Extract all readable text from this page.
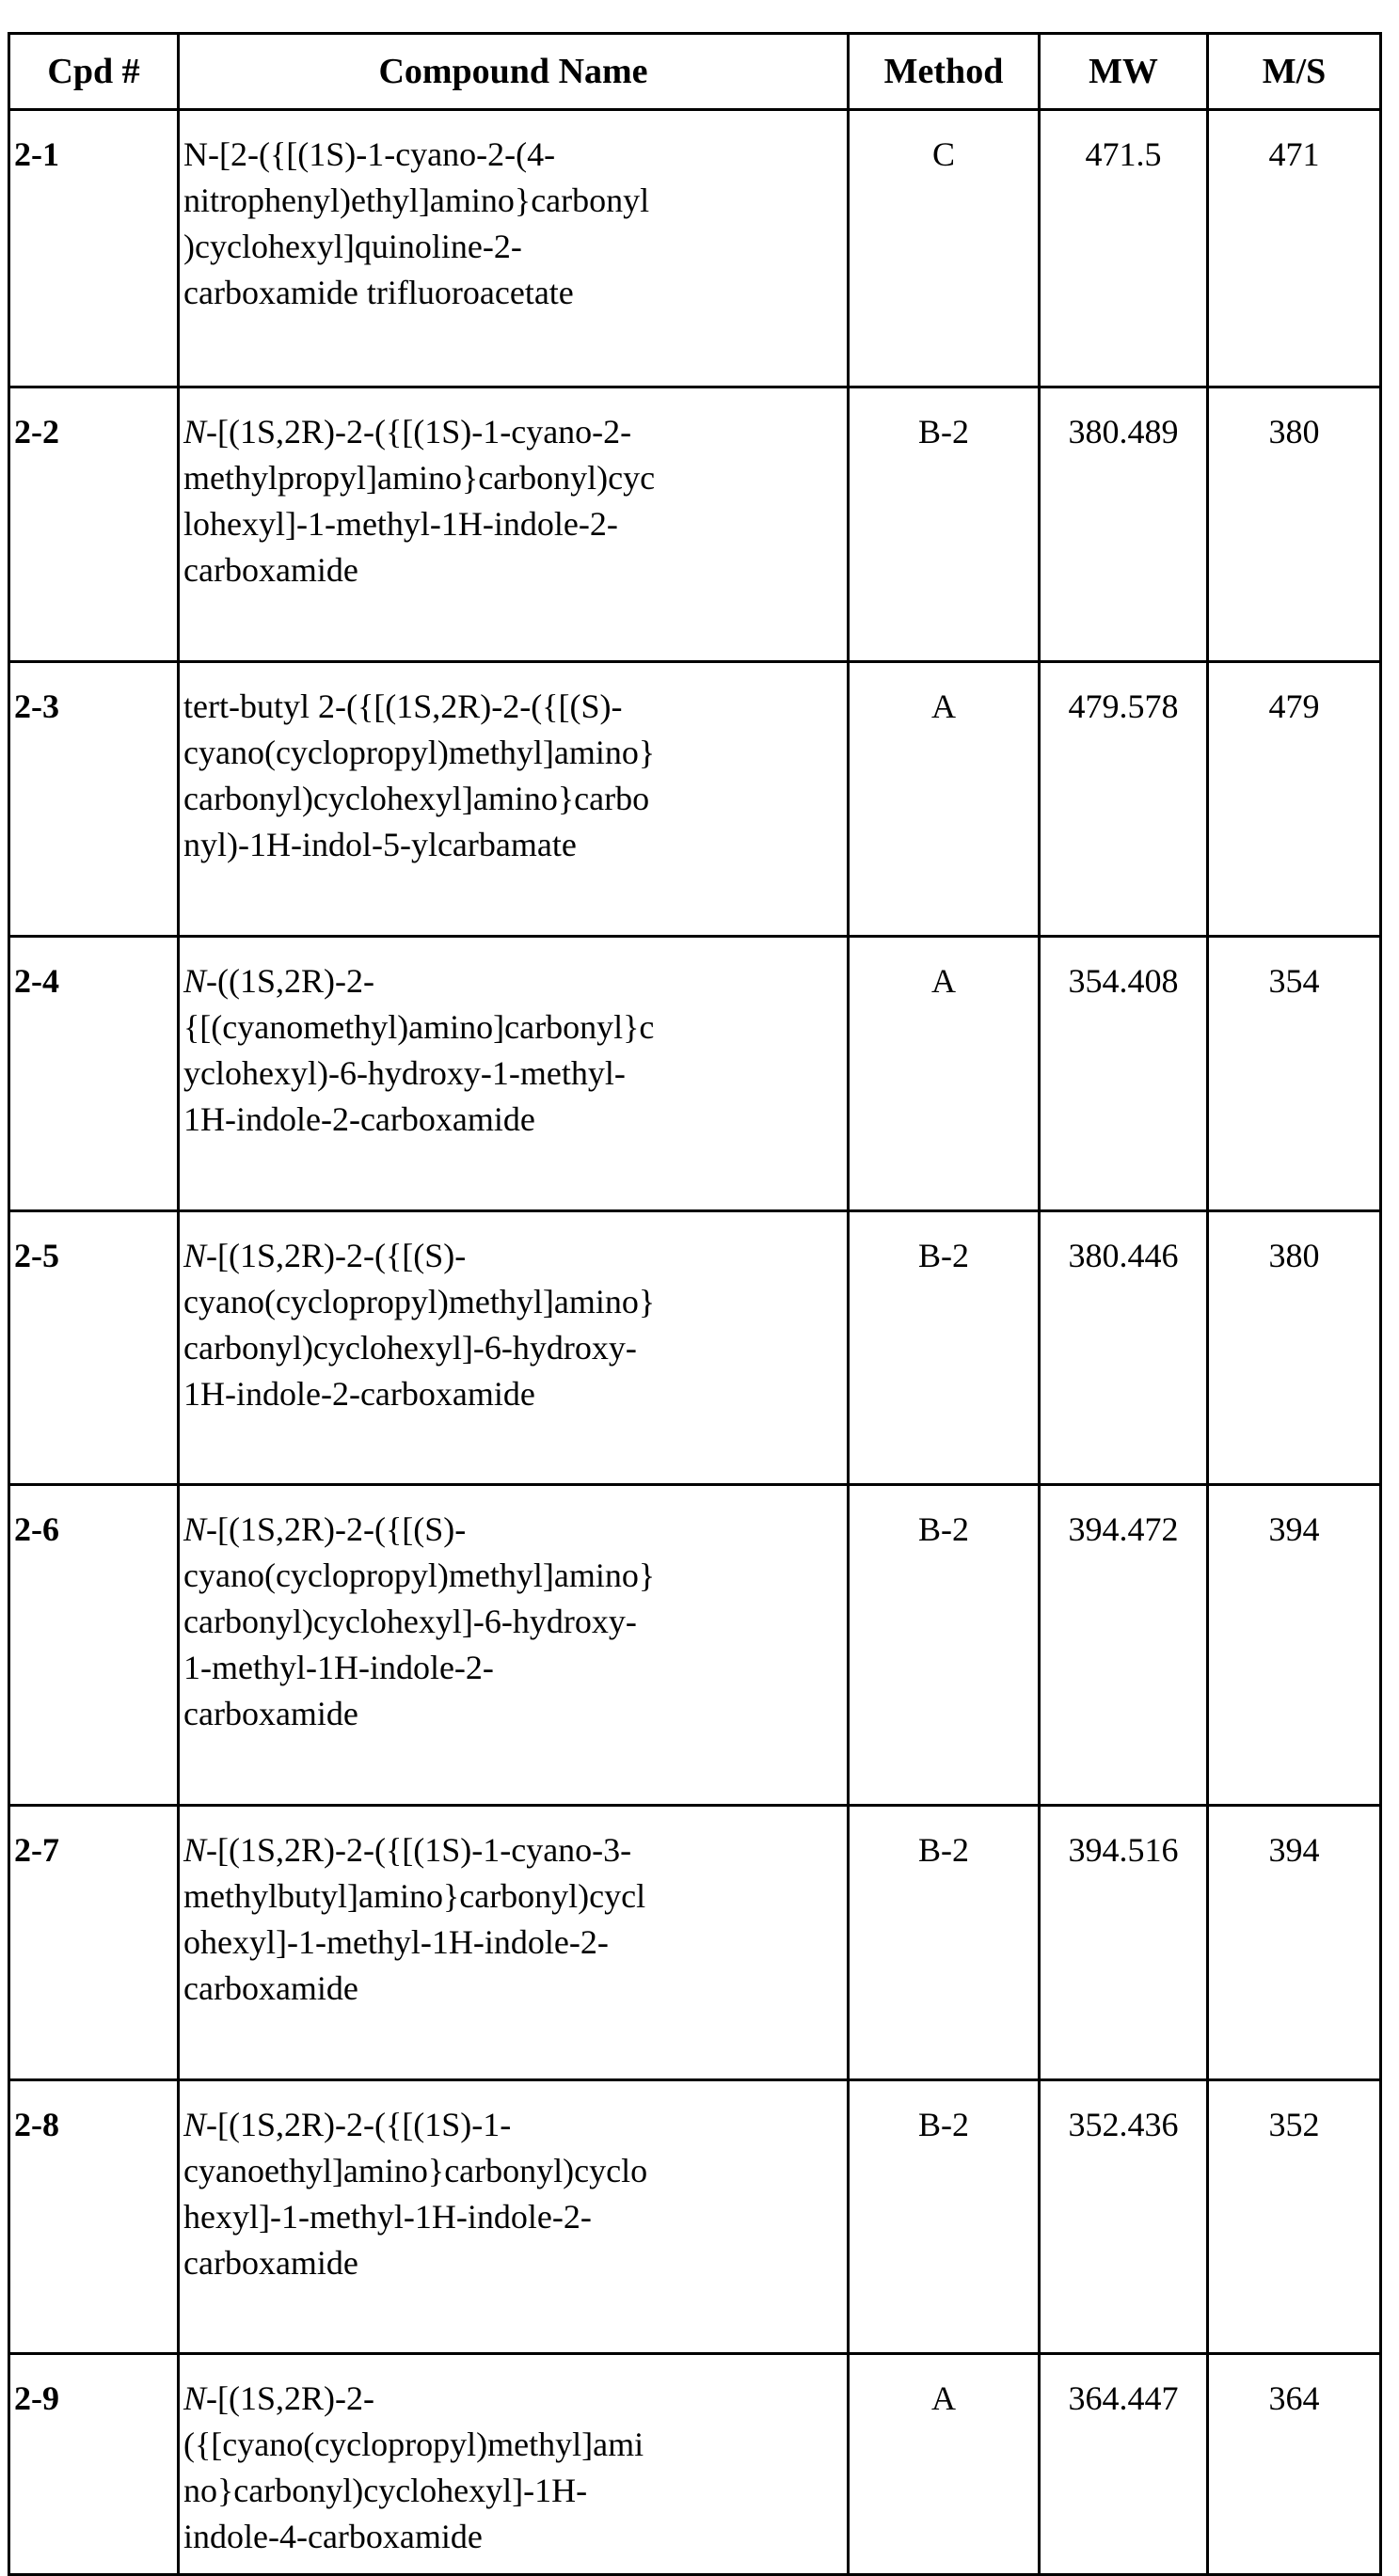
Cpd #	Compound Name	Method	MW	M/S
2-1	N-[2-({[(1S)-1-cyano-2-(4-
nitrophenyl)ethyl]amino}carbonyl
)cyclohexyl]quinoline-2-
carboxamide trifluoroacetate
	C	471.5	471
2-2	N-[(1S,2R)-2-({[(1S)-1-cyano-2-
methylpropyl]amino}carbonyl)cyc
lohexyl]-1-methyl-1H-indole-2-
carboxamide
	B-2	380.489	380
2-3	tert-butyl 2-({[(1S,2R)-2-({[(S)-
cyano(cyclopropyl)methyl]amino}
carbonyl)cyclohexyl]amino}carbo
nyl)-1H-indol-5-ylcarbamate
	A	479.578	479
2-4	N-((1S,2R)-2-
{[(cyanomethyl)amino]carbonyl}c
yclohexyl)-6-hydroxy-1-methyl-
1H-indole-2-carboxamide
	A	354.408	354
2-5	N-[(1S,2R)-2-({[(S)-
cyano(cyclopropyl)methyl]amino}
carbonyl)cyclohexyl]-6-hydroxy-
1H-indole-2-carboxamide
	B-2	380.446	380
2-6	N-[(1S,2R)-2-({[(S)-
cyano(cyclopropyl)methyl]amino}
carbonyl)cyclohexyl]-6-hydroxy-
1-methyl-1H-indole-2-
carboxamide
	B-2	394.472	394
2-7	N-[(1S,2R)-2-({[(1S)-1-cyano-3-
methylbutyl]amino}carbonyl)cycl
ohexyl]-1-methyl-1H-indole-2-
carboxamide
	B-2	394.516	394
2-8	N-[(1S,2R)-2-({[(1S)-1-
cyanoethyl]amino}carbonyl)cyclo
hexyl]-1-methyl-1H-indole-2-
carboxamide
	B-2	352.436	352
2-9	N-[(1S,2R)-2-
({[cyano(cyclopropyl)methyl]ami
no}carbonyl)cyclohexyl]-1H-
indole-4-carboxamide
	A	364.447	364
